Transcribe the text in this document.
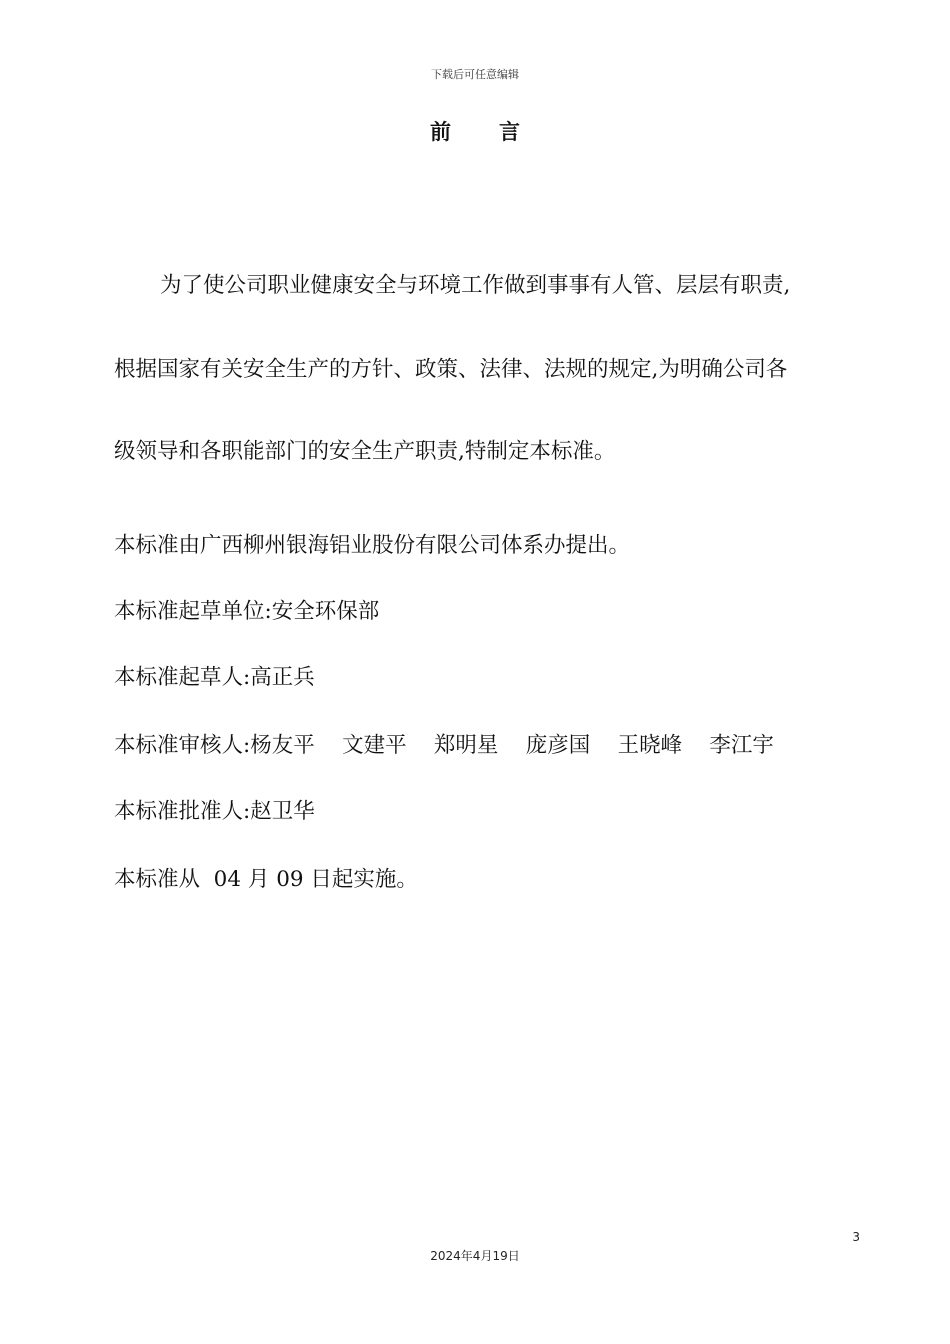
下载后可任意编辑
前言
为了使公司职业健康安全与环境工作做到事事有人管、层层有职责,
根据国家有关安全生产的方针、政策、法律、法规的规定,为明确公司各
级领导和各职能部门的安全生产职责,特制定本标准。
本标准由广西柳州银海铝业股份有限公司体系办提出。
本标准起草单位:安全环保部
本标准起草人:高正兵
本标准审核人:杨友平    文建平    郑明星    庞彦国    王晓峰    李江宇
本标准批准人:赵卫华
本标准从  04 月 09 日起实施。
3
2024年4月19日
